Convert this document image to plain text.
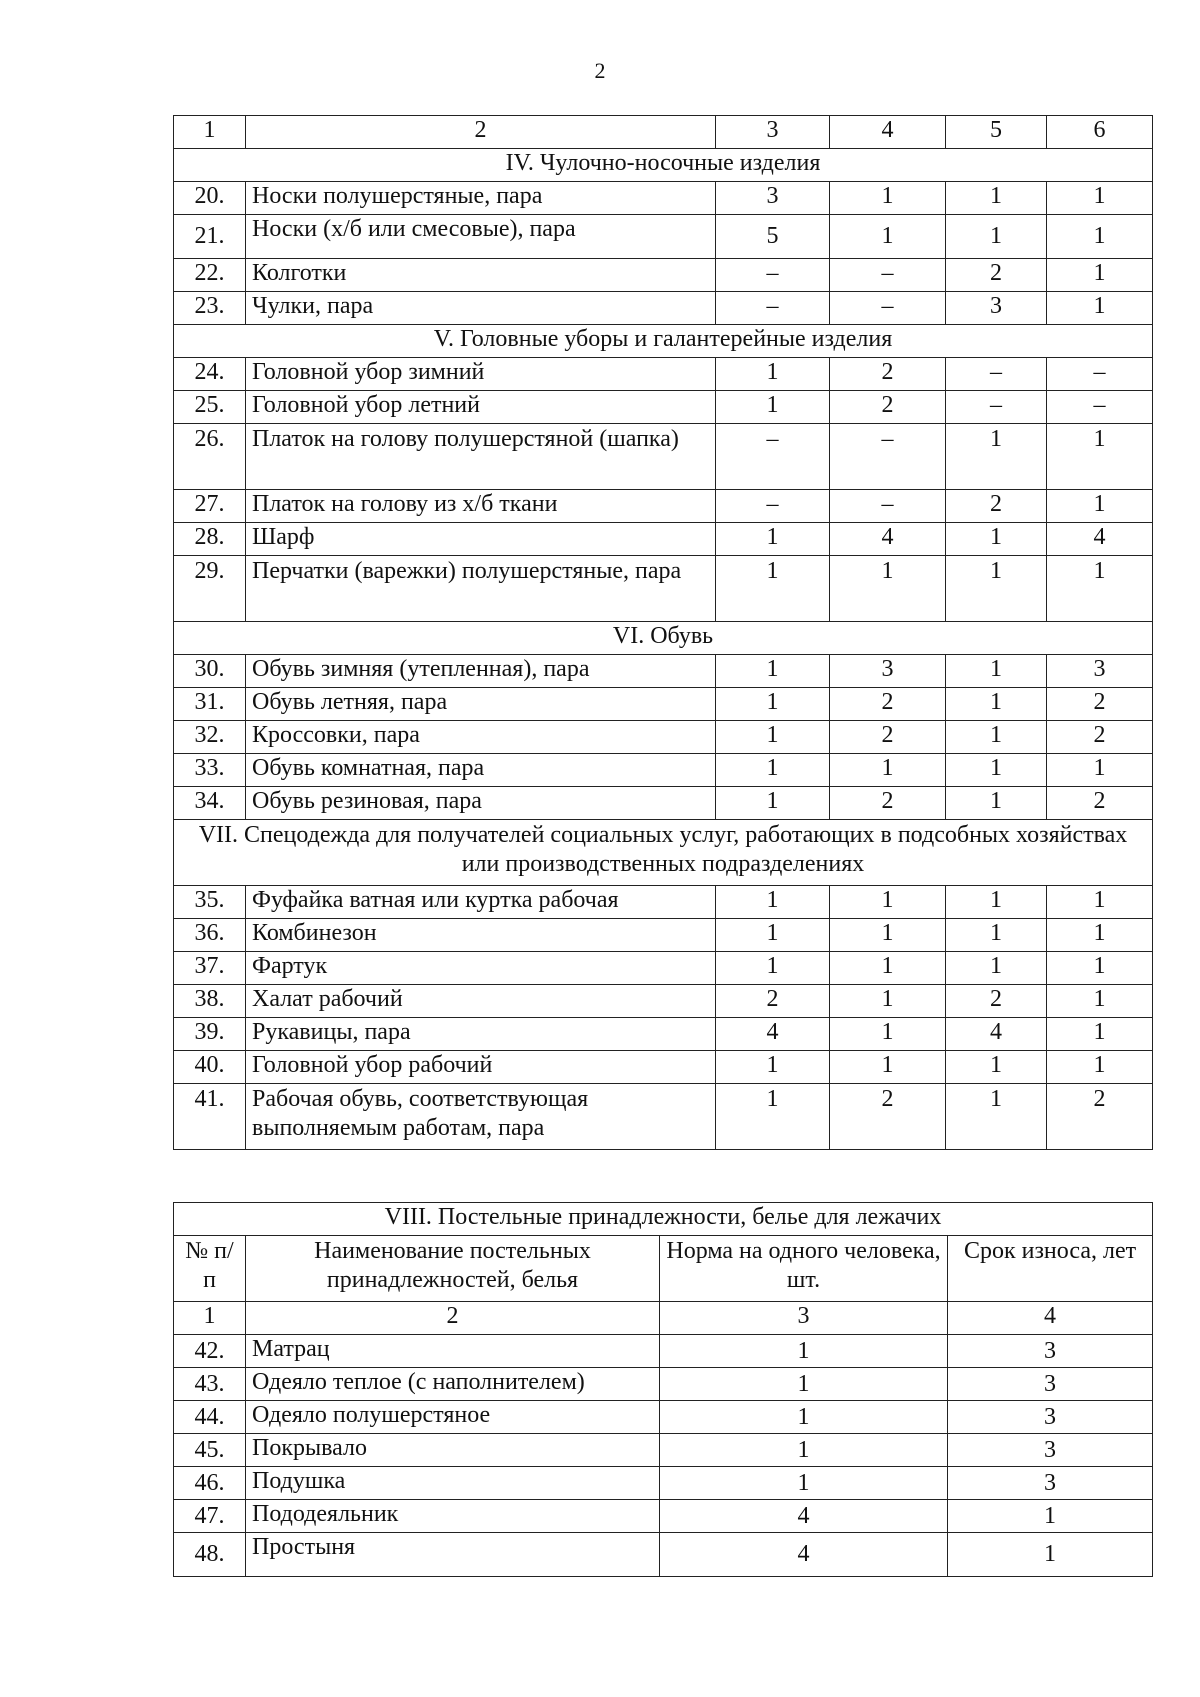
2
1	2	3	4	5	6
IV. Чулочно-носочные изделия					
20.	Носки полушерстяные, пара	3	1	1	1
21.	Носки (х/б или смесовые), пара	5	1	1	1
22.	Колготки	–	–	2	1
23.	Чулки, пара	–	–	3	1
V. Головные уборы и галантерейные изделия					
24.	Головной убор зимний	1	2	–	–
25.	Головной убор летний	1	2	–	–
26.	Платок на голову полушерстяной (шапка)	–	–	1	1
27.	Платок на голову из х/б ткани	–	–	2	1
28.	Шарф	1	4	1	4
29.	Перчатки (варежки) полушерстяные, пара	1	1	1	1
VI. Обувь					
30.	Обувь зимняя (утепленная), пара	1	3	1	3
31.	Обувь летняя, пара	1	2	1	2
32.	Кроссовки, пара	1	2	1	2
33.	Обувь комнатная, пара	1	1	1	1
34.	Обувь резиновая, пара	1	2	1	2
VII. Спецодежда для получателей социальных услуг, работающих в подсобных хозяйствах или производственных подразделениях					
35.	Фуфайка ватная или куртка рабочая	1	1	1	1
36.	Комбинезон	1	1	1	1
37.	Фартук	1	1	1	1
38.	Халат рабочий	2	1	2	1
39.	Рукавицы, пара	4	1	4	1
40.	Головной убор рабочий	1	1	1	1
41.	Рабочая обувь, соответствующая выполняемым работам, пара	1	2	1	2
VIII. Постельные принадлежности, белье для лежачих			
№ п/п	Наименование постельных принадлежностей, белья	Норма на одного человека, шт.	Срок износа, лет
1	2	3	4
42.	Матрац	1	3
43.	Одеяло теплое (с наполнителем)	1	3
44.	Одеяло полушерстяное	1	3
45.	Покрывало	1	3
46.	Подушка	1	3
47.	Пододеяльник	4	1
48.	Простыня	4	1
